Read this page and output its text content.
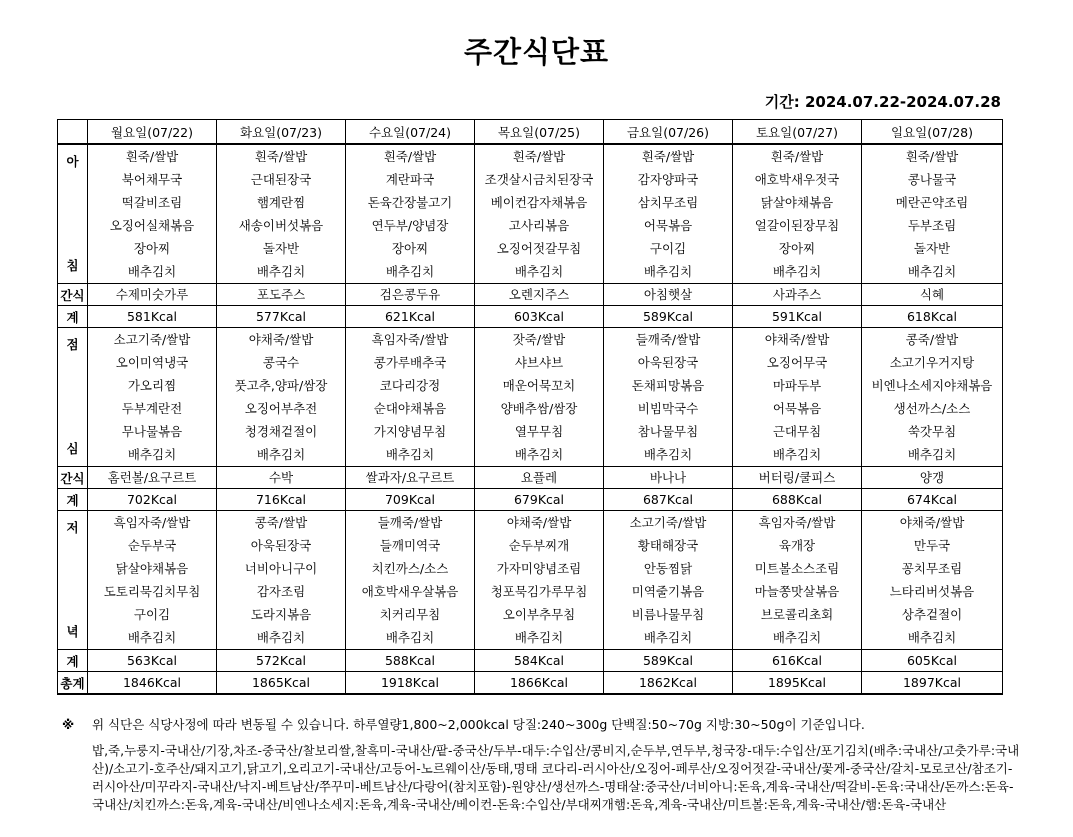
주간식단표
기간: 2024.07.22-2024.07.28
	월요일(07/22)	화요일(07/23)	수요일(07/24)	목요일(07/25)	금요일(07/26)	토요일(07/27)	일요일(07/28)

아
침	흰죽/쌀밥	흰죽/쌀밥	흰죽/쌀밥	흰죽/쌀밥	흰죽/쌀밥	흰죽/쌀밥	흰죽/쌀밥
	북어채무국	근대된장국	계란파국	조갯살시금치된장국	감자양파국	애호박새우젓국	콩나물국
	떡갈비조림	햄계란찜	돈육간장불고기	베이컨감자채볶음	삼치무조림	닭살야채볶음	메란곤약조림
	오징어실채볶음	새송이버섯볶음	연두부/양념장	고사리볶음	어묵볶음	얼갈이된장무침	두부조림
	장아찌	돌자반	장아찌	오징어젓갈무침	구이김	장아찌	돌자반
	배추김치	배추김치	배추김치	배추김치	배추김치	배추김치	배추김치
간식	수제미숫가루	포도주스	검은콩두유	오렌지주스	아침햇살	사과주스	식혜
계	581Kcal	577Kcal	621Kcal	603Kcal	589Kcal	591Kcal	618Kcal

점
심	소고기죽/쌀밥	야채죽/쌀밥	흑임자죽/쌀밥	잣죽/쌀밥	들깨죽/쌀밥	야채죽/쌀밥	콩죽/쌀밥
	오이미역냉국	콩국수	콩가루배추국	샤브샤브	아욱된장국	오징어무국	소고기우거지탕
	가오리찜	풋고추,양파/쌈장	코다리강정	매운어묵꼬치	돈채피망볶음	마파두부	비엔나소세지야채볶음
	두부계란전	오징어부추전	순대야채볶음	양배추쌈/쌈장	비빔막국수	어묵볶음	생선까스/소스
	무나물볶음	청경채겉절이	가지양념무침	열무무침	참나물무침	근대무침	쑥갓무침
	배추김치	배추김치	배추김치	배추김치	배추김치	배추김치	배추김치
간식	홈런볼/요구르트	수박	쌀과자/요구르트	요플레	바나나	버터링/쿨피스	양갱
계	702Kcal	716Kcal	709Kcal	679Kcal	687Kcal	688Kcal	674Kcal

저
녁	흑임자죽/쌀밥	콩죽/쌀밥	들깨죽/쌀밥	야채죽/쌀밥	소고기죽/쌀밥	흑임자죽/쌀밥	야채죽/쌀밥
	순두부국	아욱된장국	들깨미역국	순두부찌개	황태해장국	육개장	만두국
	닭살야채볶음	너비아니구이	치킨까스/소스	가자미양념조림	안동찜닭	미트볼소스조림	꽁치무조림
	도토리묵김치무침	감자조림	애호박새우살볶음	청포묵김가루무침	미역줄기볶음	마늘쫑맛살볶음	느타리버섯볶음
	구이김	도라지볶음	치커리무침	오이부추무침	비름나물무침	브로콜리초회	상추겉절이
	배추김치	배추김치	배추김치	배추김치	배추김치	배추김치	배추김치
계	563Kcal	572Kcal	588Kcal	584Kcal	589Kcal	616Kcal	605Kcal
총계	1846Kcal	1865Kcal	1918Kcal	1866Kcal	1862Kcal	1895Kcal	1897Kcal
※ 위 식단은 식당사정에 따라 변동될 수 있습니다. 하루열량1,800~2,000kcal 당질:240~300g 단백질:50~70g 지방:30~50g이 기준입니다.
밥,죽,누룽지-국내산/기장,차조-중국산/찰보리쌀,찰흑미-국내산/팥-중국산/두부-대두:수입산/콩비지,순두부,연두부,청국장-대두:수입산/포기김치(배추:국내산/고춧가루:국내산)/소고기-호주산/돼지고기,닭고기,오리고기-국내산/고등어-노르웨이산/동태,명태 코다리-러시아산/오징어-페루산/오징어젓갈-국내산/꽃게-중국산/갈치-모로코산/참조기-러시아산/미꾸라지-국내산/낙지-베트남산/쭈꾸미-베트남산/다랑어(참치포함)-원양산/생선까스-명태살:중국산/너비아니:돈육,계육-국내산/떡갈비-돈육:국내산/돈까스:돈육-국내산/치킨까스:돈육,계육-국내산/비엔나소세지:돈육,계육-국내산/베이컨-돈육:수입산/부대찌개햄:돈육,계육-국내산/미트볼:돈육,계육-국내산/햄:돈육-국내산
